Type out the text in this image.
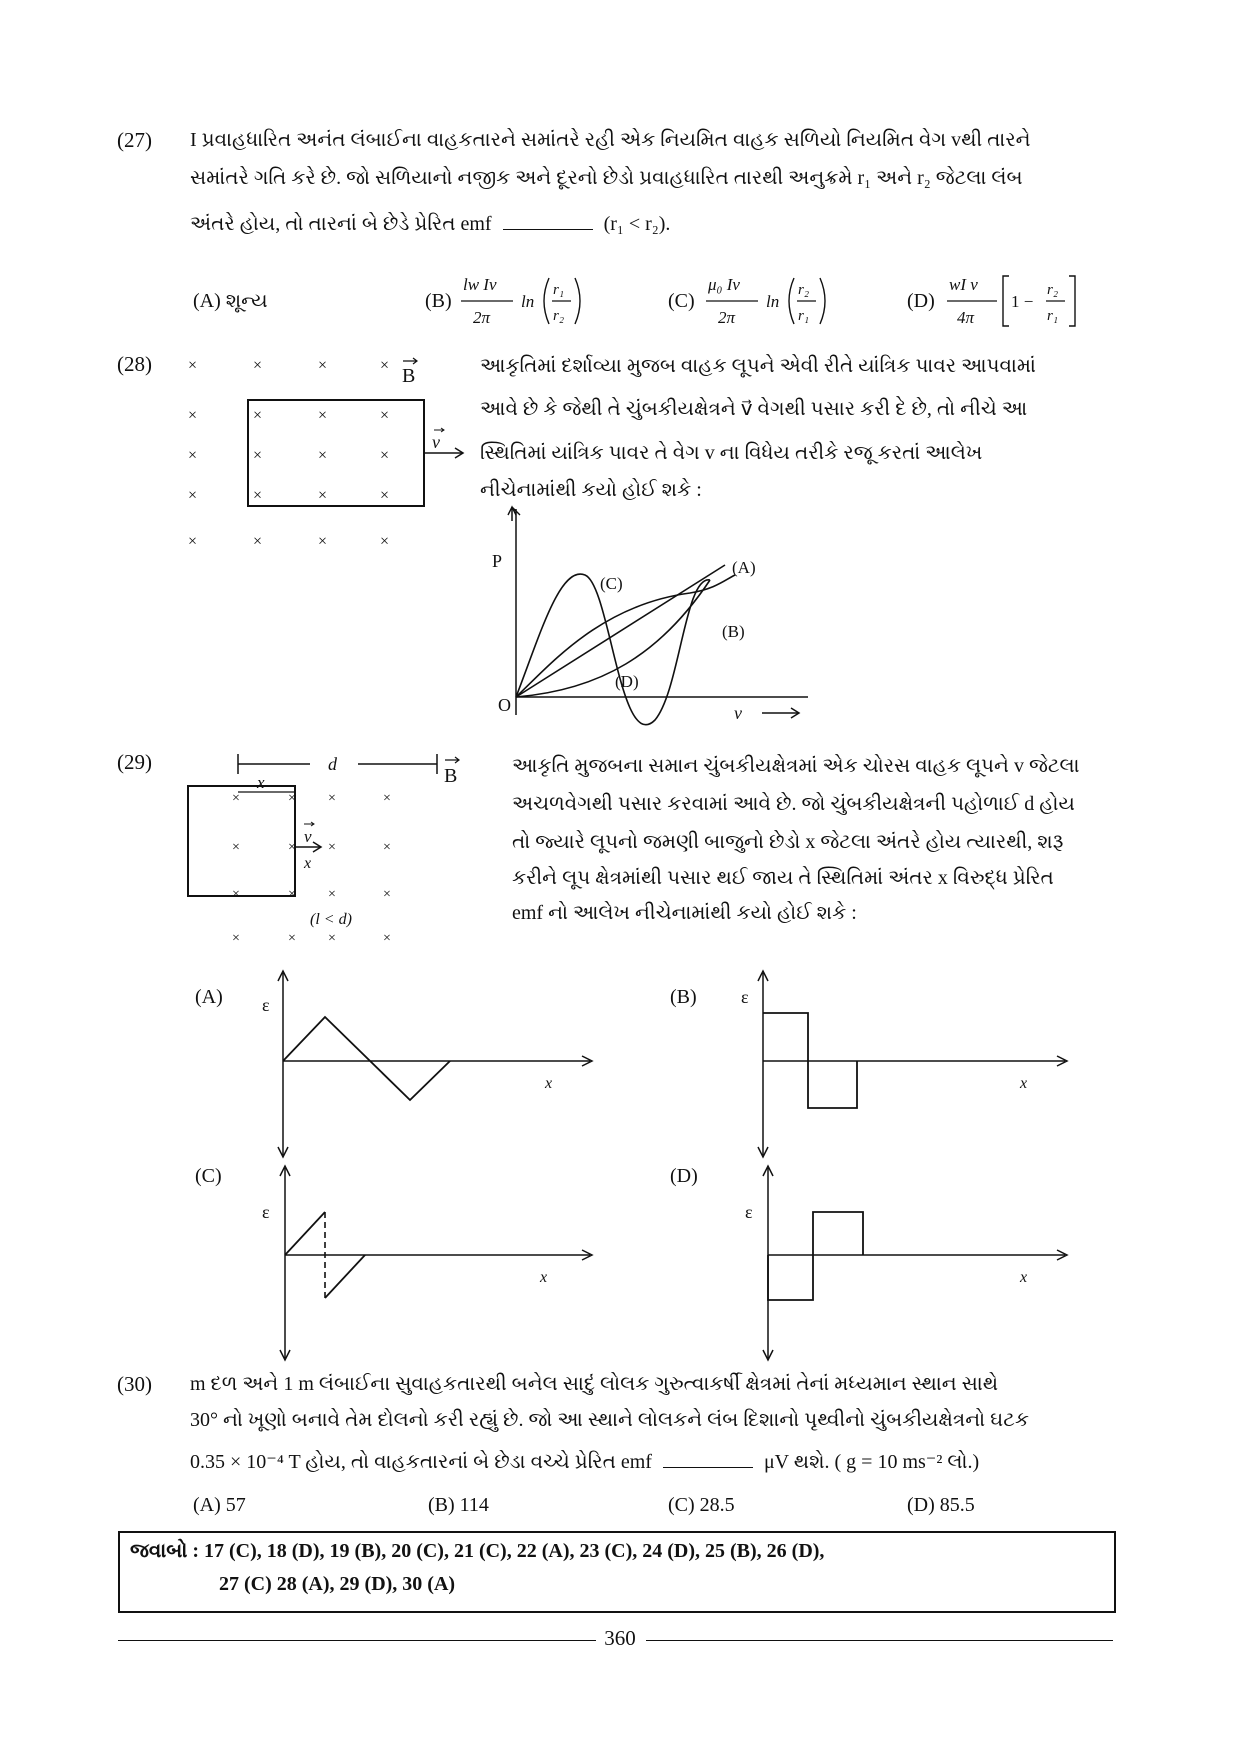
(27) I પ્રવાહધારિત અનંત લંબાઈના વાહકતારને સમાંતરે રહી એક નિયમિત વાહક સળિયો નિયમિત વેગ vથી તારને
સમાંતરે ગતિ કરે છે. જો સળિયાનો નજીક અને દૂરનો છેડો પ્રવાહધારિત તારથી અનુક્રમે r₁ અને r₂ જેટલા લંબ
અંતરે હોય, તો તારનાં બે છેડે પ્રેરિત emf	(r₁ < r₂).
(A) શૂન્ય	(B)
lw Iv
2π
ln
r₁
r₂
(C)
μ₀ Iv
2π
ln
r₂
r₁
(D)
wI v
4π
1 −
r₂
r₁
(28) ×	×	×	×
×	×	×	×
×	×	×	×
×	×	×	×
×	×	×	×
B
v
આકૃતિમાં દર્શાવ્યા મુજબ વાહક લૂપને એવી રીતે યાંત્રિક પાવર આપવામાં
આવે છે કે જેથી તે ચુંબકીયક્ષેત્રને v⃗ વેગથી પસાર કરી દે છે, તો નીચે આ
સ્થિતિમાં યાંત્રિક પાવર તે વેગ v ના વિધેય તરીકે રજૂ કરતાં આલેખ
નીચેનામાંથી કયો હોઈ શકે :
P
O	v
(A)
(C)
(B)
(D)
(29)	d
B
x
×	× ×	×
×	× ×	×
×	× ×	×
×	× ×	×
v
x
(l < d)
આકૃતિ મુજબના સમાન ચુંબકીયક્ષેત્રમાં એક ચોરસ વાહક લૂપને v જેટલા
અચળવેગથી પસાર કરવામાં આવે છે. જો ચુંબકીયક્ષેત્રની પહોળાઈ d હોય
તો જ્યારે લૂપનો જમણી બાજુનો છેડો x જેટલા અંતરે હોય ત્યારથી, શરૂ
કરીને લૂપ ક્ષેત્રમાંથી પસાર થઈ જાય તે સ્થિતિમાં અંતર x વિરુદ્ધ પ્રેરિત
emf નો આલેખ નીચેનામાંથી કયો હોઈ શકે :
(A) ε
x
(B) ε
x
(C)
ε
x
(D)
ε
x
(30) m દળ અને 1 m લંબાઈના સુવાહકતારથી બનેલ સાદું લોલક ગુરુત્વાકર્ષી ક્ષેત્રમાં તેનાં મધ્યમાન સ્થાન સાથે
30° નો ખૂણો બનાવે તેમ દોલનો કરી રહ્યું છે. જો આ સ્થાને લોલકને લંબ દિશાનો પૃથ્વીનો ચુંબકીયક્ષેત્રનો ઘટક
0.35 × 10⁻⁴ T હોય, તો વાહકતારનાં બે છેડા વચ્ચે પ્રેરિત emf	μV થશે. ( g = 10 ms⁻² લો.)
(A) 57	(B) 114	(C) 28.5	(D) 85.5
જવાબો : 17 (C), 18 (D), 19 (B), 20 (C), 21 (C), 22 (A), 23 (C), 24 (D), 25 (B), 26 (D),
27 (C) 28 (A), 29 (D), 30 (A)
360
